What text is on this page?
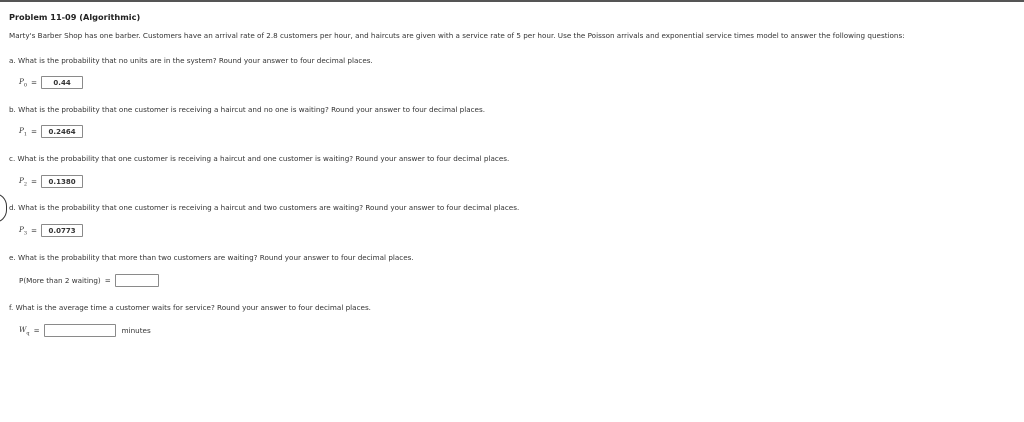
Problem 11-09 (Algorithmic)
Marty's Barber Shop has one barber. Customers have an arrival rate of 2.8 customers per hour, and haircuts are given with a service rate of 5 per hour. Use the Poisson arrivals and exponential service times model to answer the following questions:
a. What is the probability that no units are in the system? Round your answer to four decimal places.
$P_0$ =	0.44
b. What is the probability that one customer is receiving a haircut and no one is waiting? Round your answer to four decimal places.
$P_1$ =	0.2464
c. What is the probability that one customer is receiving a haircut and one customer is waiting? Round your answer to four decimal places.
$P_2$ =	0.1380
d. What is the probability that one customer is receiving a haircut and two customers are waiting? Round your answer to four decimal places.
$P_3$ =	0.0773
e. What is the probability that more than two customers are waiting? Round your answer to four decimal places.
P(More than 2 waiting) =
f. What is the average time a customer waits for service? Round your answer to four decimal places.
$W_q$ =	minutes
